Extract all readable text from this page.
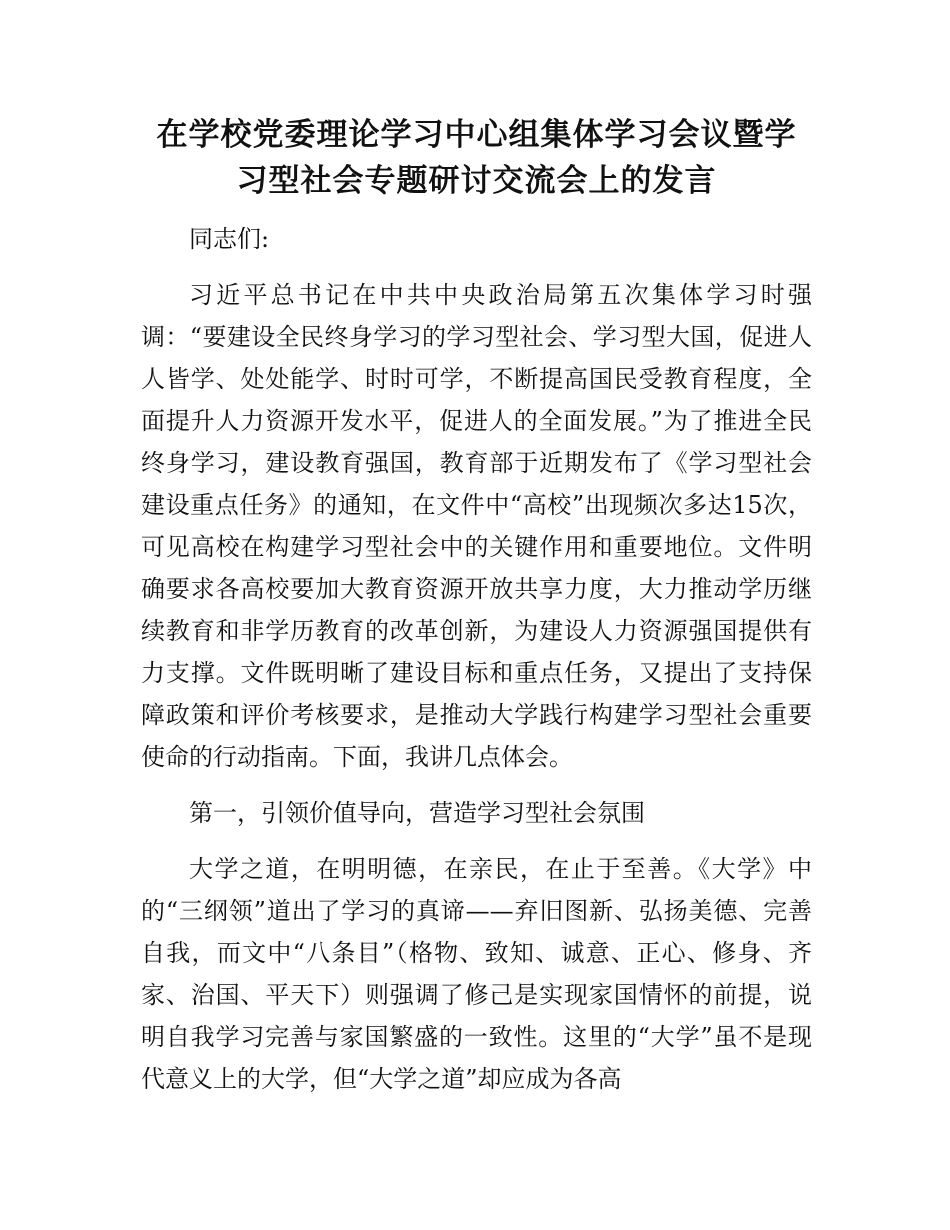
在学校党委理论学习中心组集体学习会议暨学
习型社会专题研讨交流会上的发言

同志们:

习近平总书记在中共中央政治局第五次集体学习时强调：“要建设全民终身学习的学习型社会、学习型大国，促进人人皆学、处处能学、时时可学，不断提高国民受教育程度，全面提升人力资源开发水平，促进人的全面发展。”为了推进全民终身学习，建设教育强国，教育部于近期发布了《学习型社会建设重点任务》的通知，在文件中“高校”出现频次多达15次，可见高校在构建学习型社会中的关键作用和重要地位。文件明确要求各高校要加大教育资源开放共享力度，大力推动学历继续教育和非学历教育的改革创新，为建设人力资源强国提供有力支撑。文件既明晰了建设目标和重点任务，又提出了支持保障政策和评价考核要求，是推动大学践行构建学习型社会重要使命的行动指南。下面，我讲几点体会。

第一，引领价值导向，营造学习型社会氛围

大学之道，在明明德，在亲民，在止于至善。《大学》中的“三纲领”道出了学习的真谛——弃旧图新、弘扬美德、完善自我，而文中“八条目”（格物、致知、诚意、正心、修身、齐家、治国、平天下）则强调了修己是实现家国情怀的前提，说明自我学习完善与家国繁盛的一致性。这里的“大学”虽不是现代意义上的大学，但“大学之道”却应成为各高
